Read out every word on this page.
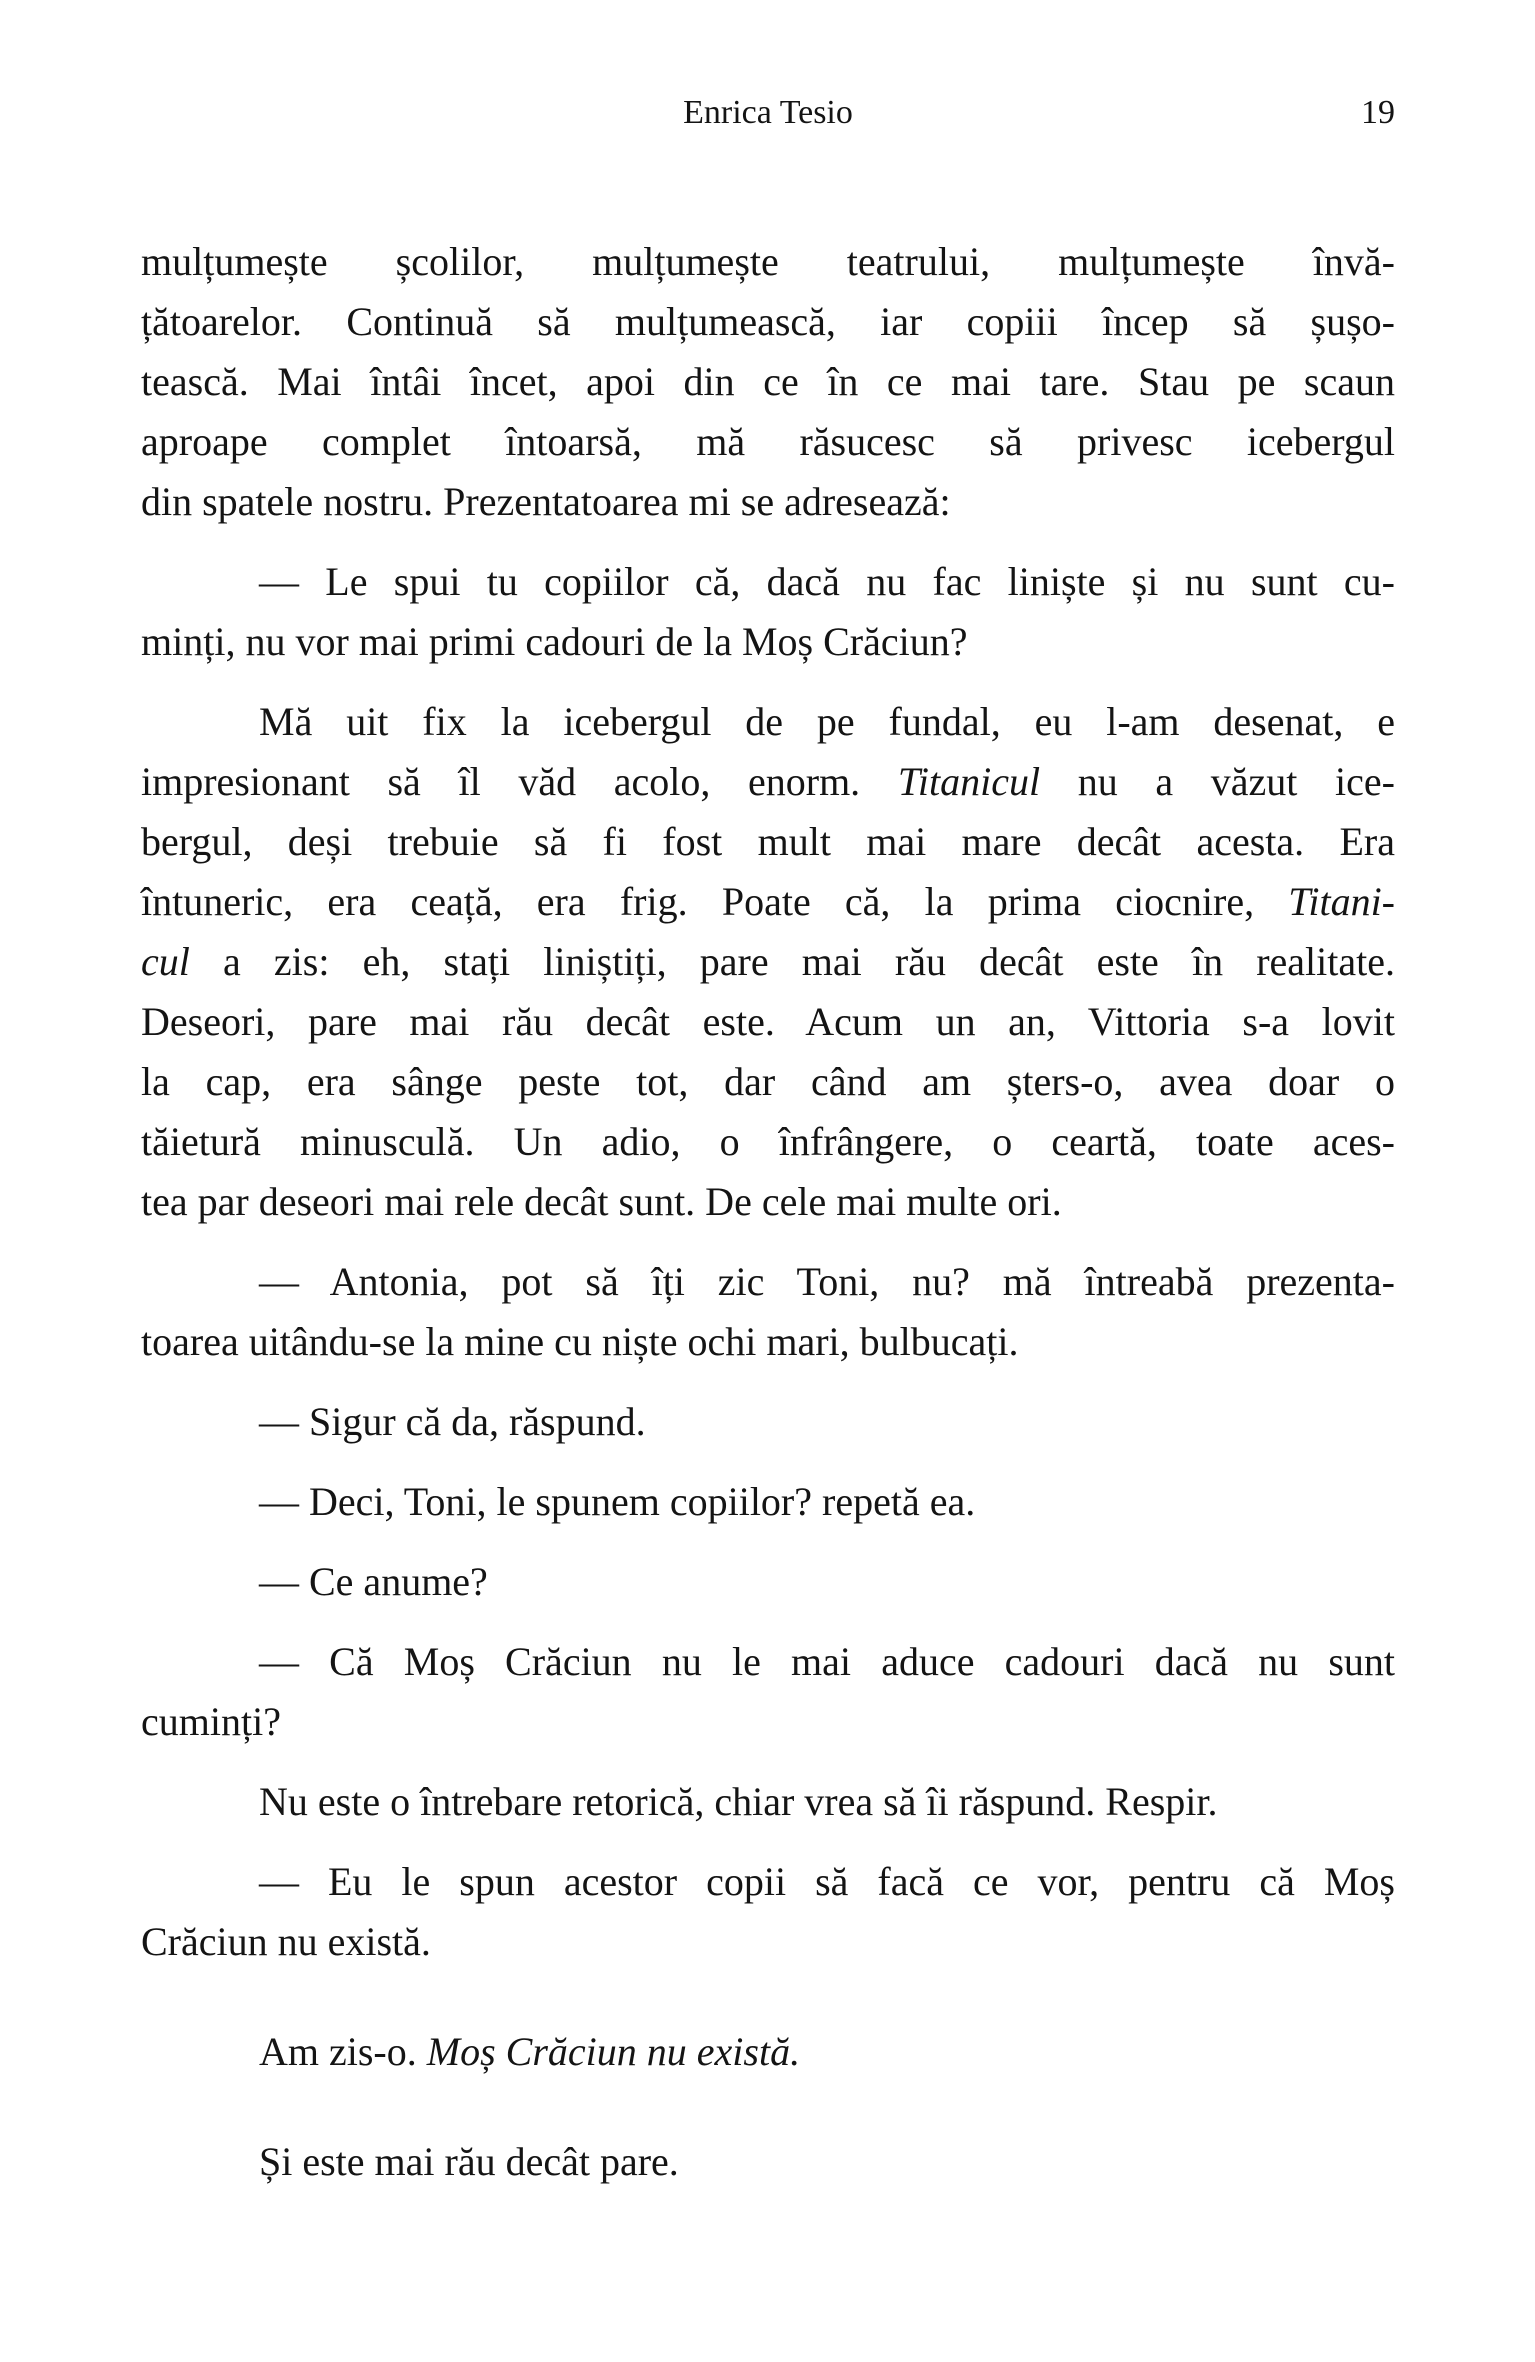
Enrica Tesio	19
mulțumește școlilor, mulțumește teatrului, mulțumește învă-
țătoarelor. Continuă să mulțumească, iar copiii încep să șușo-
tească. Mai întâi încet, apoi din ce în ce mai tare. Stau pe scaun
aproape complet întoarsă, mă răsucesc să privesc icebergul
din spatele nostru. Prezentatoarea mi se adresează:
— Le spui tu copiilor că, dacă nu fac liniște și nu sunt cu-
minți, nu vor mai primi cadouri de la Moș Crăciun?
Mă uit fix la icebergul de pe fundal, eu l-am desenat, e
impresionant să îl văd acolo, enorm. Titanicul nu a văzut ice-
bergul, deși trebuie să fi fost mult mai mare decât acesta. Era
întuneric, era ceață, era frig. Poate că, la prima ciocnire, Titani-
cul a zis: eh, stați liniștiți, pare mai rău decât este în realitate.
Deseori, pare mai rău decât este. Acum un an, Vittoria s-a lovit
la cap, era sânge peste tot, dar când am șters-o, avea doar o
tăietură minusculă. Un adio, o înfrângere, o ceartă, toate aces-
tea par deseori mai rele decât sunt. De cele mai multe ori.
— Antonia, pot să îți zic Toni, nu? mă întreabă prezenta-
toarea uitându-se la mine cu niște ochi mari, bulbucați.
— Sigur că da, răspund.
— Deci, Toni, le spunem copiilor? repetă ea.
— Ce anume?
— Că Moș Crăciun nu le mai aduce cadouri dacă nu sunt
cuminți?
Nu este o întrebare retorică, chiar vrea să îi răspund. Respir.
— Eu le spun acestor copii să facă ce vor, pentru că Moș
Crăciun nu există.
Am zis-o. Moș Crăciun nu există.
Și este mai rău decât pare.
